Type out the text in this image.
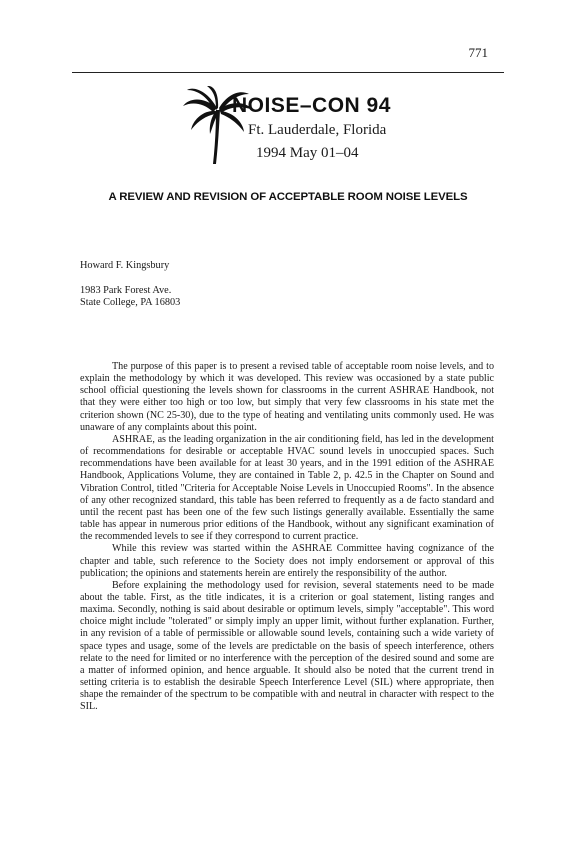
771
NOISE–CON 94
Ft. Lauderdale, Florida
1994 May 01–04
A REVIEW AND REVISION OF ACCEPTABLE ROOM NOISE LEVELS
Howard F. Kingsbury
1983 Park Forest Ave.
State College, PA 16803

The purpose of this paper is to present a revised table of acceptable room noise levels, and to explain the methodology by which it was developed. This review was occasioned by a state public school official questioning the levels shown for classrooms in the current ASHRAE Handbook, not that they were either too high or too low, but simply that very few classrooms in his state met the criterion shown (NC 25-30), due to the type of heating and ventilating units commonly used. He was unaware of any complaints about this point.

ASHRAE, as the leading organization in the air conditioning field, has led in the development of recommendations for desirable or acceptable HVAC sound levels in unoccupied spaces. Such recommendations have been available for at least 30 years, and in the 1991 edition of the ASHRAE Handbook, Applications Volume, they are contained in Table 2, p. 42.5 in the Chapter on Sound and Vibration Control, titled "Criteria for Acceptable Noise Levels in Unoccupied Rooms". In the absence of any other recognized standard, this table has been referred to frequently as a de facto standard and until the recent past has been one of the few such listings generally available. Essentially the same table has appear in numerous prior editions of the Handbook, without any significant examination of the recommended levels to see if they correspond to current practice.

While this review was started within the ASHRAE Committee having cognizance of the chapter and table, such reference to the Society does not imply endorsement or approval of this publication; the opinions and statements herein are entirely the responsibility of the author.

Before explaining the methodology used for revision, several statements need to be made about the table. First, as the title indicates, it is a criterion or goal statement, listing ranges and maxima. Secondly, nothing is said about desirable or optimum levels, simply "acceptable". This word choice might include "tolerated" or simply imply an upper limit, without further explanation. Further, in any revision of a table of permissible or allowable sound levels, containing such a wide variety of space types and usage, some of the levels are predictable on the basis of speech interference, others relate to the need for limited or no interference with the perception of the desired sound and some are a matter of informed opinion, and hence arguable. It should also be noted that the current trend in setting criteria is to establish the desirable Speech Interference Level (SIL) where appropriate, then shape the remainder of the spectrum to be compatible with and neutral in character with respect to the SIL.
